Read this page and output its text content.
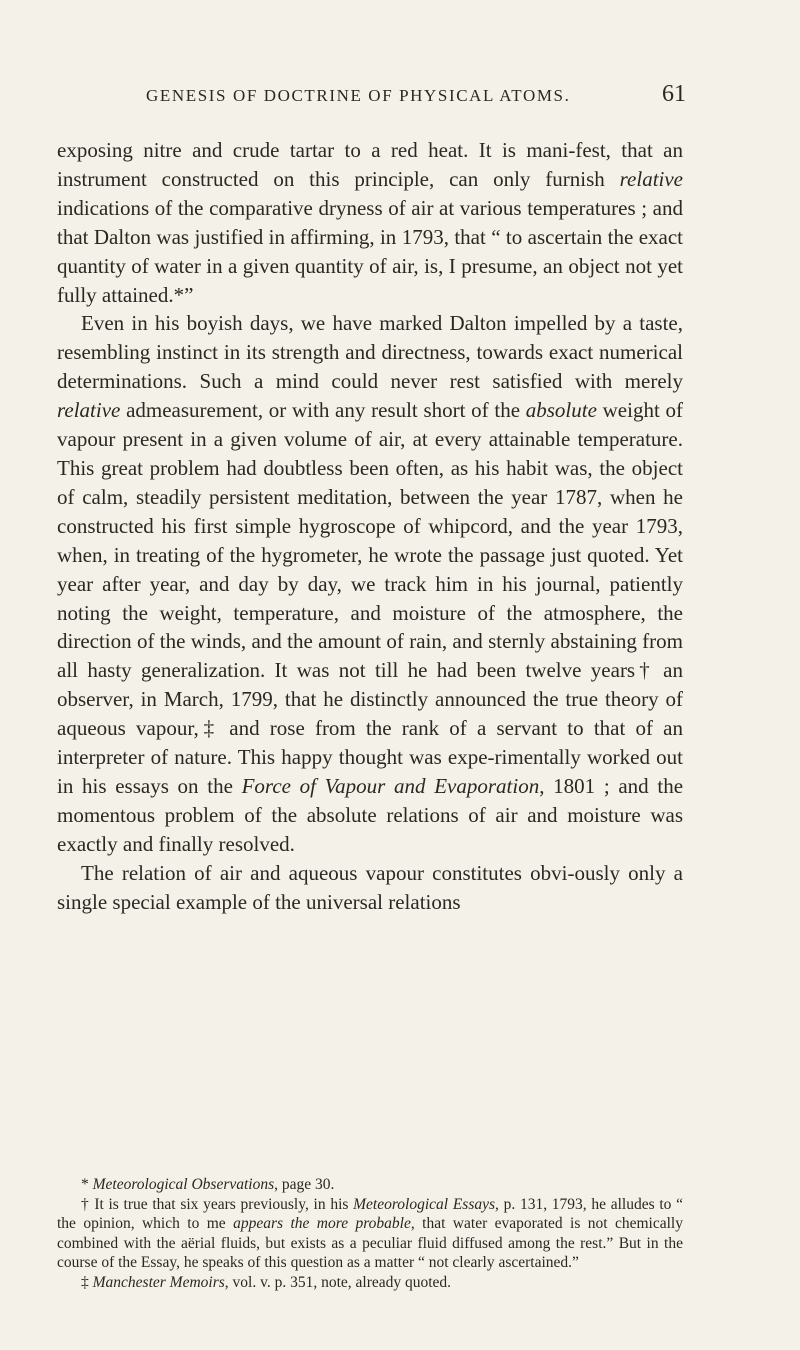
GENESIS OF DOCTRINE OF PHYSICAL ATOMS.	61

exposing nitre and crude tartar to a red heat. It is mani-fest, that an instrument constructed on this principle, can only furnish relative indications of the comparative dryness of air at various temperatures ; and that Dalton was justified in affirming, in 1793, that “ to ascertain the exact quantity of water in a given quantity of air, is, I presume, an object not yet fully attained.*”

Even in his boyish days, we have marked Dalton impelled by a taste, resembling instinct in its strength and directness, towards exact numerical determinations. Such a mind could never rest satisfied with merely relative admeasurement, or with any result short of the absolute weight of vapour present in a given volume of air, at every attainable temperature. This great problem had doubtless been often, as his habit was, the object of calm, steadily persistent meditation, between the year 1787, when he constructed his first simple hygroscope of whipcord, and the year 1793, when, in treating of the hygrometer, he wrote the passage just quoted. Yet year after year, and day by day, we track him in his journal, patiently noting the weight, temperature, and moisture of the atmosphere, the direction of the winds, and the amount of rain, and sternly abstaining from all hasty generalization. It was not till he had been twelve years† an observer, in March, 1799, that he distinctly announced the true theory of aqueous vapour,‡ and rose from the rank of a servant to that of an interpreter of nature. This happy thought was expe-rimentally worked out in his essays on the Force of Vapour and Evaporation, 1801 ; and the momentous problem of the absolute relations of air and moisture was exactly and finally resolved.

The relation of air and aqueous vapour constitutes obvi-ously only a single special example of the universal relations

* Meteorological Observations, page 30.

† It is true that six years previously, in his Meteorological Essays, p. 131, 1793, he alludes to “ the opinion, which to me appears the more probable, that water evaporated is not chemically combined with the aërial fluids, but exists as a peculiar fluid diffused among the rest.” But in the course of the Essay, he speaks of this question as a matter “ not clearly ascertained.”

‡ Manchester Memoirs, vol. v. p. 351, note, already quoted.
